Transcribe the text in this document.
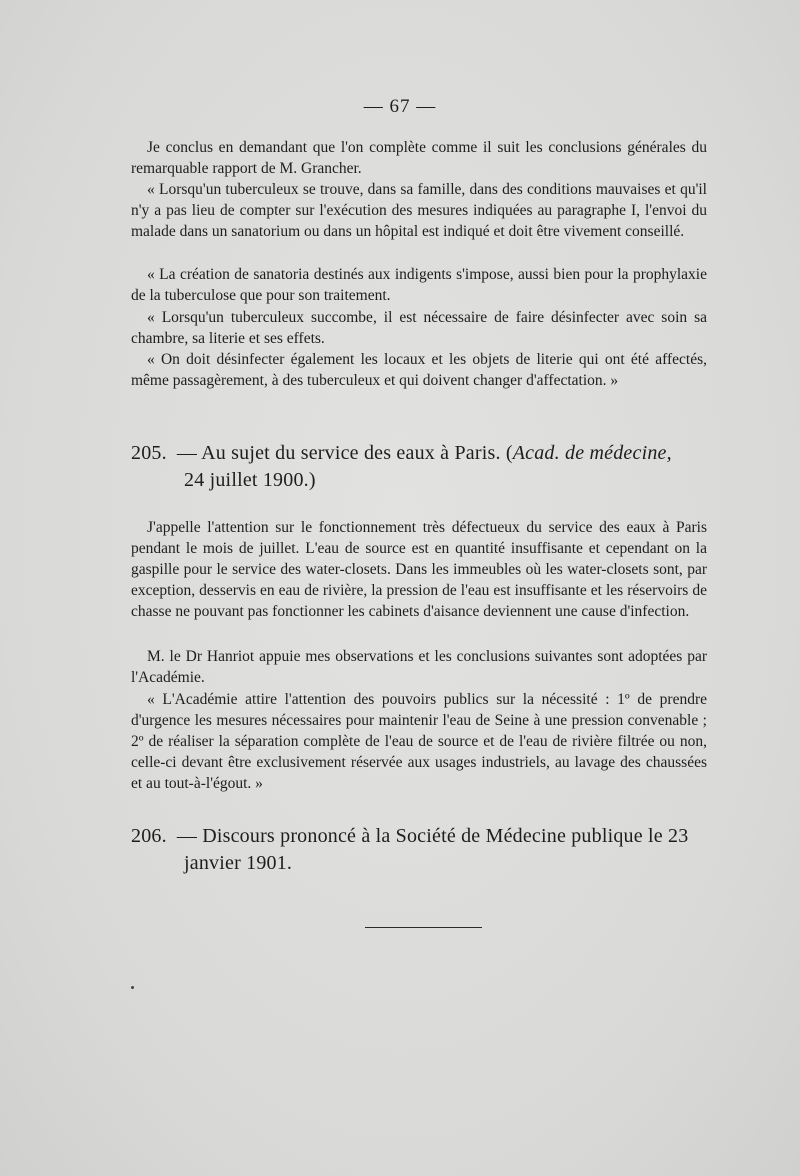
— 67 —
Je conclus en demandant que l'on complète comme il suit les conclusions générales du remarquable rapport de M. Grancher.
« Lorsqu'un tuberculeux se trouve, dans sa famille, dans des conditions mauvaises et qu'il n'y a pas lieu de compter sur l'exécution des mesures indiquées au paragraphe I, l'envoi du malade dans un sanatorium ou dans un hôpital est indiqué et doit être vivement conseillé.
« La création de sanatoria destinés aux indigents s'impose, aussi bien pour la prophylaxie de la tuberculose que pour son traitement.
« Lorsqu'un tuberculeux succombe, il est nécessaire de faire désinfecter avec soin sa chambre, sa literie et ses effets.
« On doit désinfecter également les locaux et les objets de literie qui ont été affectés, même passagèrement, à des tuberculeux et qui doivent changer d'affectation. »
205. — Au sujet du service des eaux à Paris. (Acad. de médecine,
24 juillet 1900.)
J'appelle l'attention sur le fonctionnement très défectueux du service des eaux à Paris pendant le mois de juillet. L'eau de source est en quantité insuffisante et cependant on la gaspille pour le service des water-closets. Dans les immeubles où les water-closets sont, par exception, desservis en eau de rivière, la pression de l'eau est insuffisante et les réservoirs de chasse ne pouvant pas fonctionner les cabinets d'aisance deviennent une cause d'infection.
M. le Dr Hanriot appuie mes observations et les conclusions suivantes sont adoptées par l'Académie.
« L'Académie attire l'attention des pouvoirs publics sur la nécessité : 1º de prendre d'urgence les mesures nécessaires pour maintenir l'eau de Seine à une pression convenable ; 2º de réaliser la séparation complète de l'eau de source et de l'eau de rivière filtrée ou non, celle-ci devant être exclusivement réservée aux usages industriels, au lavage des chaussées et au tout-à-l'égout. »
206. — Discours prononcé à la Société de Médecine publique le 23
janvier 1901.
